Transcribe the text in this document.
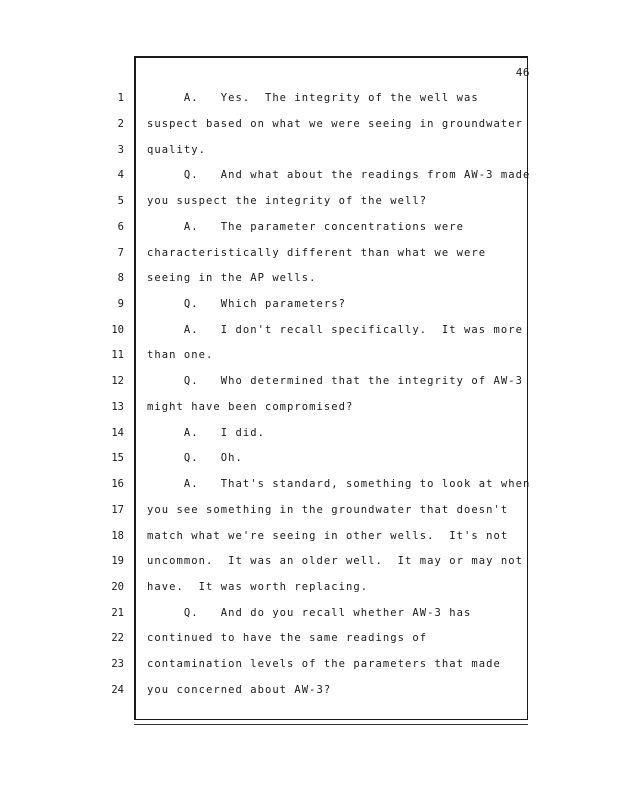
46
1
2
3
4
5
6
7
8
9
10
11
12
13
14
15
16
17
18
19
20
21
22
23
24
A.   Yes.  The integrity of the well was
suspect based on what we were seeing in groundwater
quality.
Q.   And what about the readings from AW-3 made
you suspect the integrity of the well?
A.   The parameter concentrations were
characteristically different than what we were
seeing in the AP wells.
Q.   Which parameters?
A.   I don't recall specifically.  It was more
than one.
Q.   Who determined that the integrity of AW-3
might have been compromised?
A.   I did.
Q.   Oh.
A.   That's standard, something to look at when
you see something in the groundwater that doesn't
match what we're seeing in other wells.  It's not
uncommon.  It was an older well.  It may or may not
have.  It was worth replacing.
Q.   And do you recall whether AW-3 has
continued to have the same readings of
contamination levels of the parameters that made
you concerned about AW-3?
